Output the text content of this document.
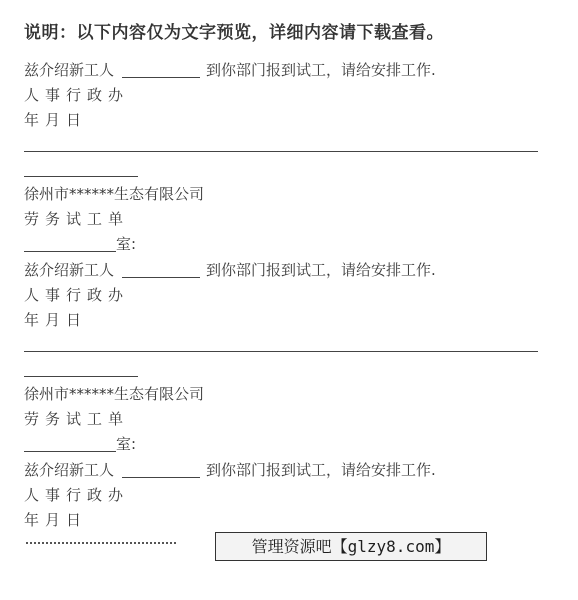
说明：以下内容仅为文字预览，详细内容请下载查看。
兹介绍新工人	到你部门报到试工，请给安排工作.
人事行政办
年月日
徐州市******生态有限公司
劳务试工单
室:
兹介绍新工人	到你部门报到试工，请给安排工作.
人事行政办
年月日
徐州市******生态有限公司
劳务试工单
室:
兹介绍新工人	到你部门报到试工，请给安排工作.
人事行政办
年月日
管理资源吧【glzy8.com】
